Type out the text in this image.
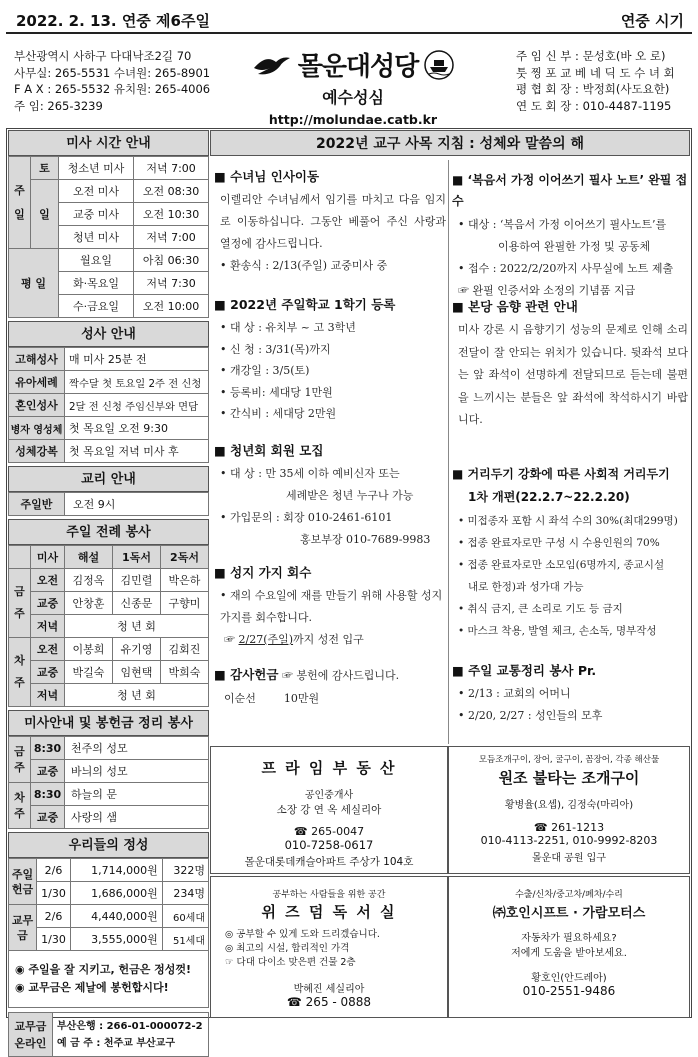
2022. 2. 13. 연중 제6주일	연중 시기
부산광역시 사하구 다대낙조2길 70
사무실: 265-5531 수녀원: 265-8901
F A X : 265-5532 유치원: 265-4006
주 임: 265-3239
몰운대성당
예수성심
http://molundae.catb.kr
주 임 신 부 : 문성호(바 오 로)
툿 찡 포 교 베 네 딕 도 수 녀 회
평 협 회 장 : 박정희(사도요한)
연 도 회 장 : 010-4487-1195
미사 시간 안내
주 일	토	청소년 미사	저녁 7:00
	일	오전 미사	오전 08:30
		교중 미사	오전 10:30
		청년 미사	저녁 7:00
평 일		월요일	아침 06:30
		화·목요일	저녁 7:30
		수·금요일	오전 10:00
성사 안내
고해성사	매 미사 25분 전
유아세례	짝수달 첫 토요일 2주 전 신청
혼인성사	2달 전 신청 주임신부와 면담
병자 영성체	첫 목요일 오전 9:30
성체강복	첫 목요일 저녁 미사 후
교리 안내
주일반	오전 9시
주일 전례 봉사
	미사	해설	1독서	2독서
금주	오전	김정옥	김민렬	박은하
	교중	안창훈	신종문	구향미
	저녁	청 년 회		
차주	오전	이봉희	유기영	김회진
	교중	박길숙	임현택	박희숙
	저녁	청 년 회		
미사안내 및 봉헌금 정리 봉사
금주	8:30	천주의 성모
	교중	바늬의 성모
차주	8:30	하늘의 문
	교중	사랑의 샘
우리들의 정성
주일헌금	2/6	1,714,000원	322명
	1/30	1,686,000원	234명
교무금	2/6	4,440,000원	60세대
	1/30	3,555,000원	51세대
◉ 주일을 잘 지키고, 헌금은 정성껏!
◉ 교무금은 제날에 봉헌합시다!
교무금 온라인	
부산은행 : 266-01-000072-2
예 금 주 : 천주교 부산교구
2022년 교구 사목 지침 : 성체와 말씀의 해
■ 수녀님 인사이동
이렐리안 수녀님께서 임기를 마치고 다음 임지로 이동하십니다. 그동안 베풀어 주신 사랑과 열정에 감사드립니다.
• 환송식 : 2/13(주일) 교중미사 중
■ 2022년 주일학교 1학기 등록
• 대 상 : 유치부 ~ 고 3학년
• 신 청 : 3/31(목)까지
• 개강일 : 3/5(토)
• 등록비: 세대당 1만원
• 간식비 : 세대당 2만원
■ 청년회 회원 모집
• 대 상 : 만 35세 이하 예비신자 또는
세례받은 청년 누구나 가능
• 가입문의 : 회장 010-2461-6101
홍보부장 010-7689-9983
■ 성지 가지 회수
• 재의 수요일에 재를 만들기 위해 사용할 성지 가지를 회수합니다.
☞ 2/27(주일)까지 성전 입구
■ 감사헌금 ☞ 봉헌에 감사드립니다.
이순선	10만원
■ ‘복음서 가정 이어쓰기 필사 노트’ 완필 접수
• 대상 : ‘복음서 가정 이어쓰기 필사노트’를
이용하여 완필한 가정 및 공동체
• 접수 : 2022/2/20까지 사무실에 노트 제출
☞ 완필 인증서와 소정의 기념품 지급
■ 본당 음향 관련 안내
미사 강론 시 음향기기 성능의 문제로 인해 소리 전달이 잘 안되는 위치가 있습니다. 뒷좌석 보다는 앞 좌석이 선명하게 전달되므로 듣는데 불편을 느끼시는 분들은 앞 좌석에 착석하시기 바랍니다.
■ 거리두기 강화에 따른 사회적 거리두기
1차 개편(22.2.7~22.2.20)
• 미접종자 포함 시 좌석 수의 30%(최대299명)
• 접종 완료자로만 구성 시 수용인원의 70%
• 접종 완료자로만 소모임(6명까지, 종교시설
내로 한정)과 성가대 가능
• 취식 금지, 큰 소리로 기도 등 금지
• 마스크 착용, 발열 체크, 손소독, 명부작성
■ 주일 교통정리 봉사 Pr.
• 2/13 : 교회의 어머니
• 2/20, 2/27 : 성인들의 모후
프 라 임 부 동 산
공인중개사
소장 강 연 옥 세실리아
☎ 265-0047
010-7258-0617
몰운대롯데캐슬아파트 주상가 104호
모듬조개구이, 장어, 굴구이, 꼼장어, 각종 해산물
원조 불타는 조개구이
황병율(요셉), 김정숙(마리아)
☎ 261-1213
010-4113-2251, 010-9992-8203
몰운대 공원 입구
공부하는 사람들을 위한 공간
위 즈 덤 독 서 실
◎ 공부할 수 있게 도와 드리겠습니다.
◎ 최고의 시설, 합리적인 가격
☞ 다대 다이소 맞은편 건물 2층
박혜진 세실리아
☎ 265 - 0888
수출/신차/중고차/폐차/수리
㈜호인시프트 · 가람모터스
자동차가 필요하세요?
저에게 도움을 받아보세요.
황호인(안드레아)
010-2551-9486
